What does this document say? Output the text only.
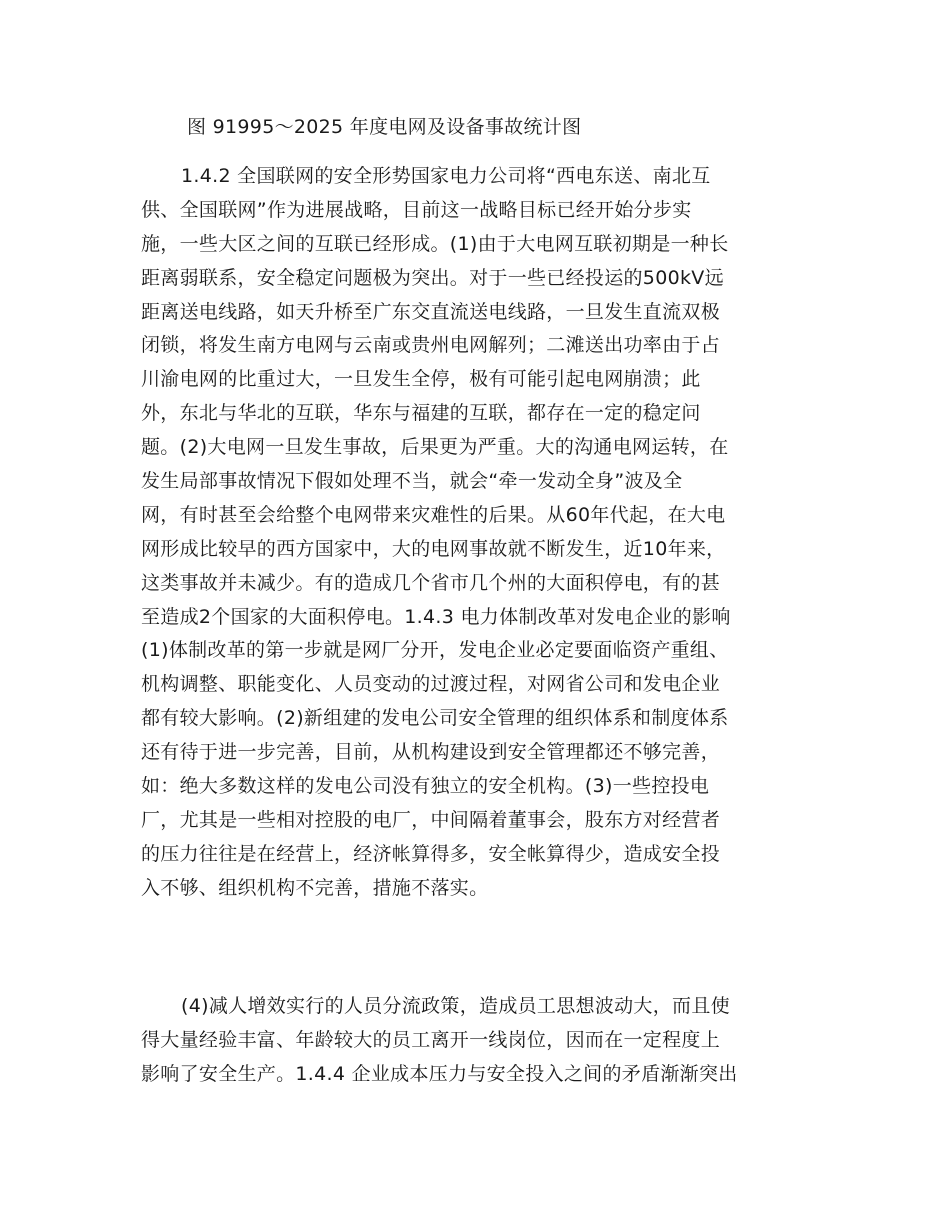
图 91995～2025 年度电网及设备事故统计图
1.4.2 全国联网的安全形势国家电力公司将“西电东送、南北互
供、全国联网”作为进展战略，目前这一战略目标已经开始分步实
施，一些大区之间的互联已经形成。(1)由于大电网互联初期是一种长
距离弱联系，安全稳定问题极为突出。对于一些已经投运的500kV远
距离送电线路，如天升桥至广东交直流送电线路，一旦发生直流双极
闭锁，将发生南方电网与云南或贵州电网解列；二滩送出功率由于占
川渝电网的比重过大，一旦发生全停，极有可能引起电网崩溃；此
外，东北与华北的互联，华东与福建的互联，都存在一定的稳定问
题。(2)大电网一旦发生事故，后果更为严重。大的沟通电网运转，在
发生局部事故情况下假如处理不当，就会“牵一发动全身”波及全
网，有时甚至会给整个电网带来灾难性的后果。从60年代起，在大电
网形成比较早的西方国家中，大的电网事故就不断发生，近10年来，
这类事故并未减少。有的造成几个省市几个州的大面积停电，有的甚
至造成2个国家的大面积停电。1.4.3 电力体制改革对发电企业的影响
(1)体制改革的第一步就是网厂分开，发电企业必定要面临资产重组、
机构调整、职能变化、人员变动的过渡过程，对网省公司和发电企业
都有较大影响。(2)新组建的发电公司安全管理的组织体系和制度体系
还有待于进一步完善，目前，从机构建设到安全管理都还不够完善，
如：绝大多数这样的发电公司没有独立的安全机构。(3)一些控投电
厂，尤其是一些相对控股的电厂，中间隔着董事会，股东方对经营者
的压力往往是在经营上，经济帐算得多，安全帐算得少，造成安全投
入不够、组织机构不完善，措施不落实。
(4)减人增效实行的人员分流政策，造成员工思想波动大，而且使
得大量经验丰富、年龄较大的员工离开一线岗位，因而在一定程度上
影响了安全生产。1.4.4 企业成本压力与安全投入之间的矛盾渐渐突出
